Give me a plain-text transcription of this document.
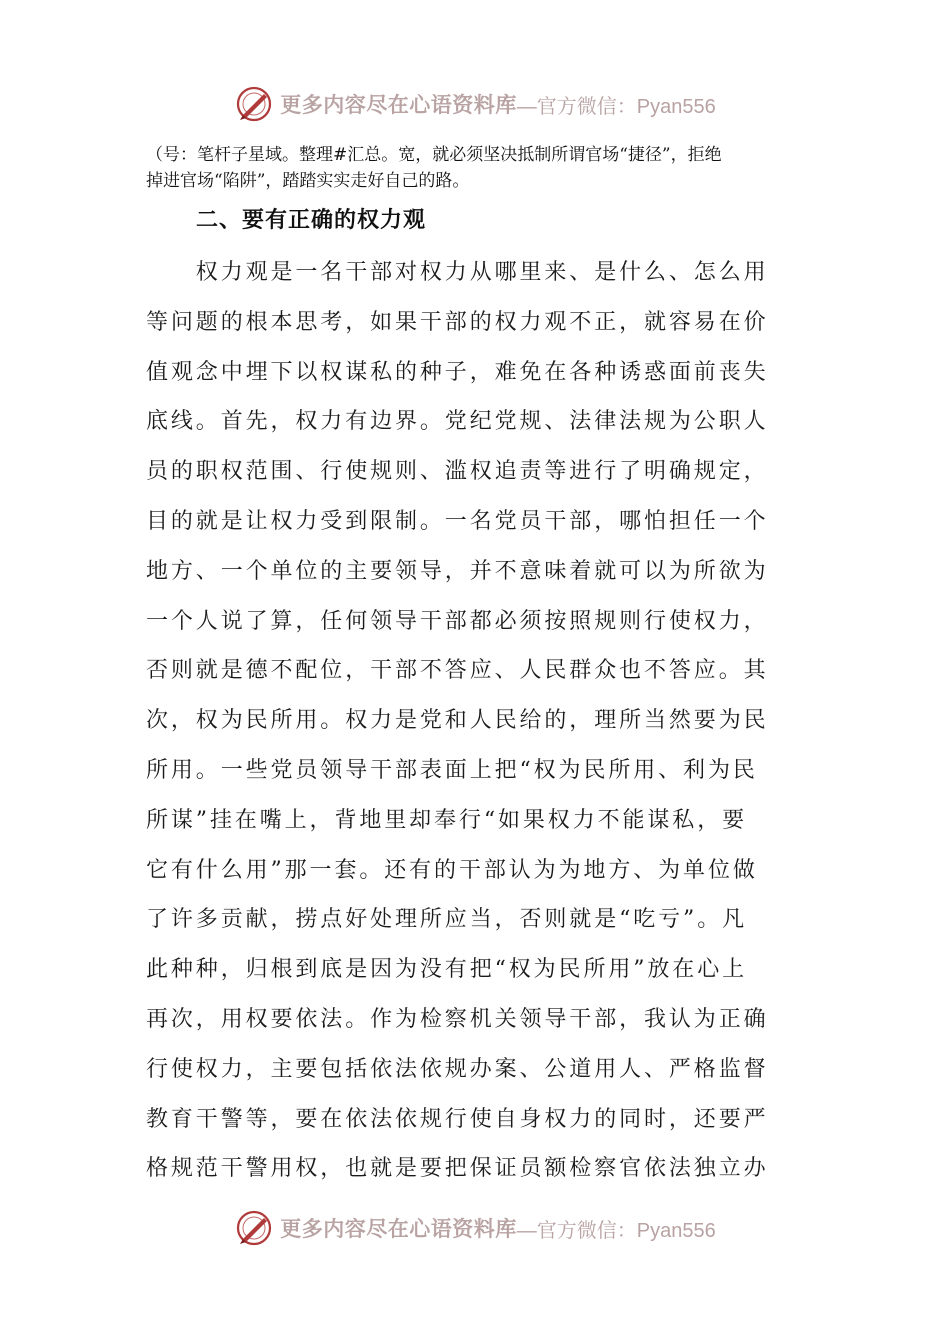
更多内容尽在心语资料库 —官方微信：Pyan556

（号：笔杆子星域。整理#汇总。宽，就必须坚决抵制所谓官场“捷径”，拒绝

掉进官场“陷阱”，踏踏实实走好自己的路。

二、要有正确的权力观
　　权力观是一名干部对权力从哪里来、是什么、怎么用
等问题的根本思考，如果干部的权力观不正，就容易在价
值观念中埋下以权谋私的种子，难免在各种诱惑面前丧失
底线。首先，权力有边界。党纪党规、法律法规为公职人
员的职权范围、行使规则、滥权追责等进行了明确规定，
目的就是让权力受到限制。一名党员干部，哪怕担任一个
地方、一个单位的主要领导，并不意味着就可以为所欲为
一个人说了算，任何领导干部都必须按照规则行使权力，
否则就是德不配位，干部不答应、人民群众也不答应。其
次，权为民所用。权力是党和人民给的，理所当然要为民
所用。一些党员领导干部表面上把“权为民所用、利为民
所谋”挂在嘴上，背地里却奉行“如果权力不能谋私，要
它有什么用”那一套。还有的干部认为为地方、为单位做
了许多贡献，捞点好处理所应当，否则就是“吃亏”。凡
此种种，归根到底是因为没有把“权为民所用”放在心上
再次，用权要依法。作为检察机关领导干部，我认为正确
行使权力，主要包括依法依规办案、公道用人、严格监督
教育干警等，要在依法依规行使自身权力的同时，还要严
格规范干警用权，也就是要把保证员额检察官依法独立办
更多内容尽在心语资料库 —官方微信：Pyan556
